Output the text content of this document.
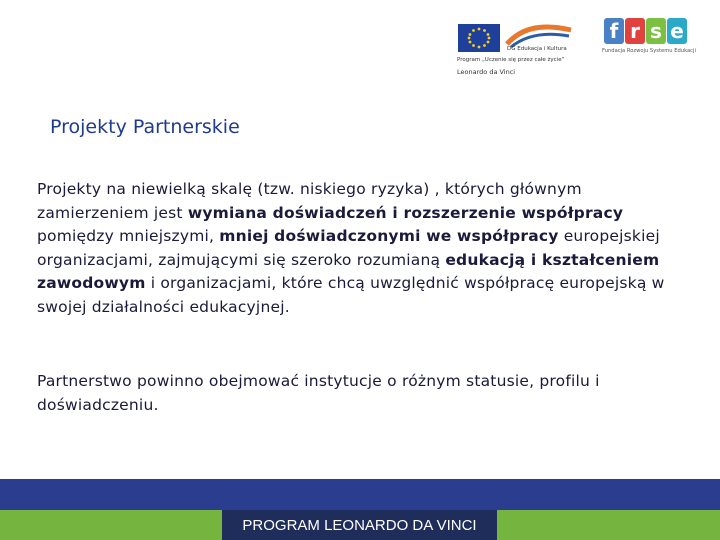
DG Edukacja i Kultura
Program „Uczenie się przez całe życie”
Leonardo da Vinci
f r s e
Fundacja Rozwoju Systemu Edukacji
Projekty Partnerskie

Projekty na niewielką skalę (tzw. niskiego ryzyka) , których głównym zamierzeniem jest wymiana doświadczeń i rozszerzenie współpracy pomiędzy mniejszymi, mniej doświadczonymi we współpracy europejskiej organizacjami, zajmującymi się szeroko rozumianą edukacją i kształceniem zawodowym i organizacjami, które chcą uwzględnić współpracę europejską w swojej działalności edukacyjnej.

Partnerstwo powinno obejmować instytucje o różnym statusie, profilu i doświadczeniu.
PROGRAM LEONARDO DA VINCI
